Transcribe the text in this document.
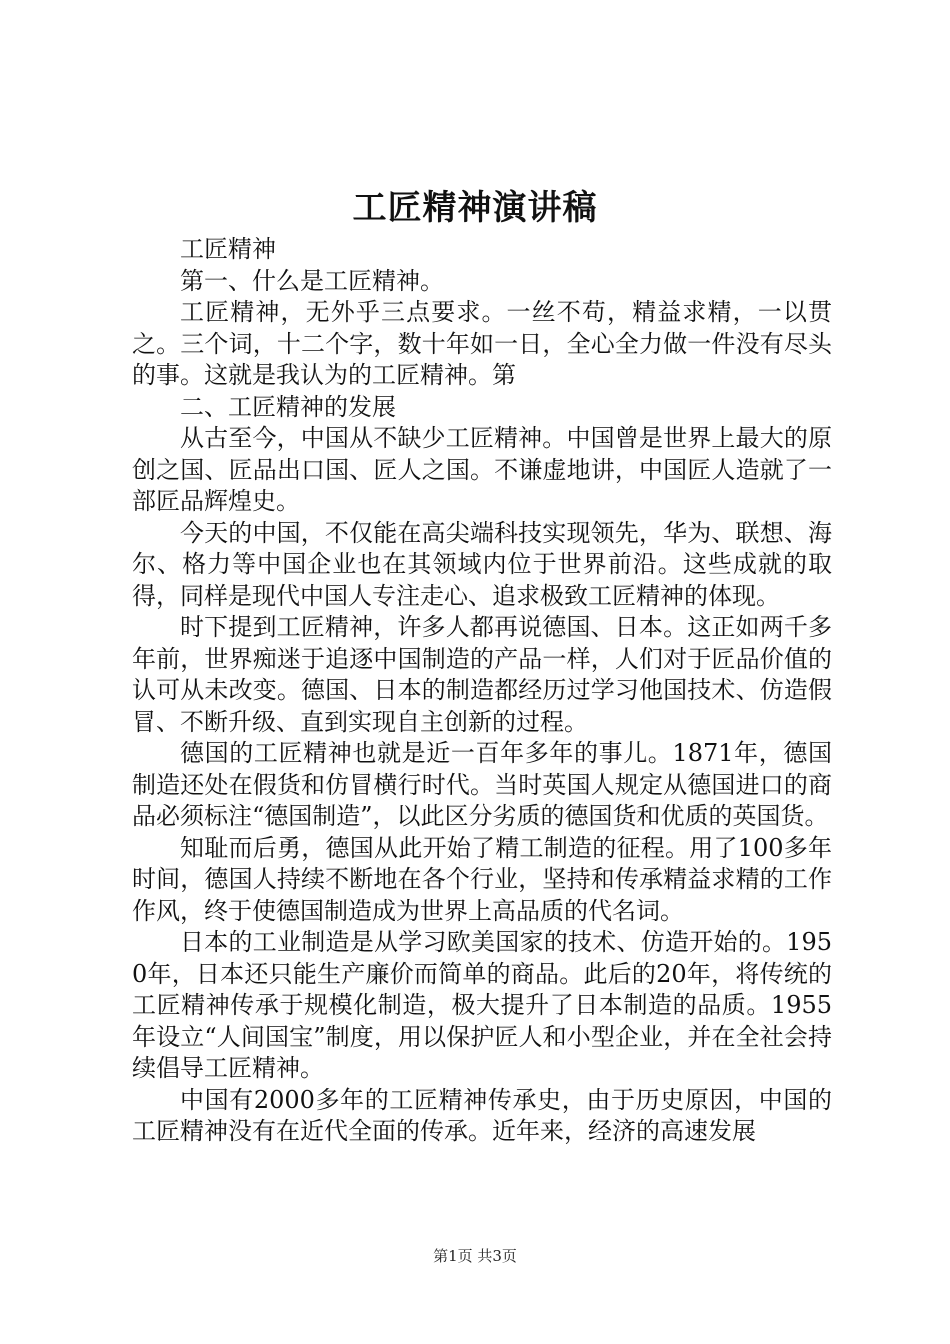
工匠精神演讲稿

工匠精神

第一、什么是工匠精神。

工匠精神，无外乎三点要求。一丝不苟，精益求精，一以贯之。三个词，十二个字，数十年如一日，全心全力做一件没有尽头的事。这就是我认为的工匠精神。第

二、工匠精神的发展

从古至今，中国从不缺少工匠精神。中国曾是世界上最大的原创之国、匠品出口国、匠人之国。不谦虚地讲，中国匠人造就了一部匠品辉煌史。

今天的中国，不仅能在高尖端科技实现领先，华为、联想、海尔、格力等中国企业也在其领域内位于世界前沿。这些成就的取得，同样是现代中国人专注走心、追求极致工匠精神的体现。

时下提到工匠精神，许多人都再说德国、日本。这正如两千多年前，世界痴迷于追逐中国制造的产品一样，人们对于匠品价值的认可从未改变。德国、日本的制造都经历过学习他国技术、仿造假冒、不断升级、直到实现自主创新的过程。

德国的工匠精神也就是近一百年多年的事儿。1871年，德国制造还处在假货和仿冒横行时代。当时英国人规定从德国进口的商品必须标注“德国制造”，以此区分劣质的德国货和优质的英国货。

知耻而后勇，德国从此开始了精工制造的征程。用了100多年时间，德国人持续不断地在各个行业，坚持和传承精益求精的工作作风，终于使德国制造成为世界上高品质的代名词。

日本的工业制造是从学习欧美国家的技术、仿造开始的。1950年，日本还只能生产廉价而简单的商品。此后的20年，将传统的工匠精神传承于规模化制造，极大提升了日本制造的品质。1955年设立“人间国宝”制度，用以保护匠人和小型企业，并在全社会持续倡导工匠精神。

中国有2000多年的工匠精神传承史，由于历史原因，中国的工匠精神没有在近代全面的传承。近年来，经济的高速发展

第1页 共3页
